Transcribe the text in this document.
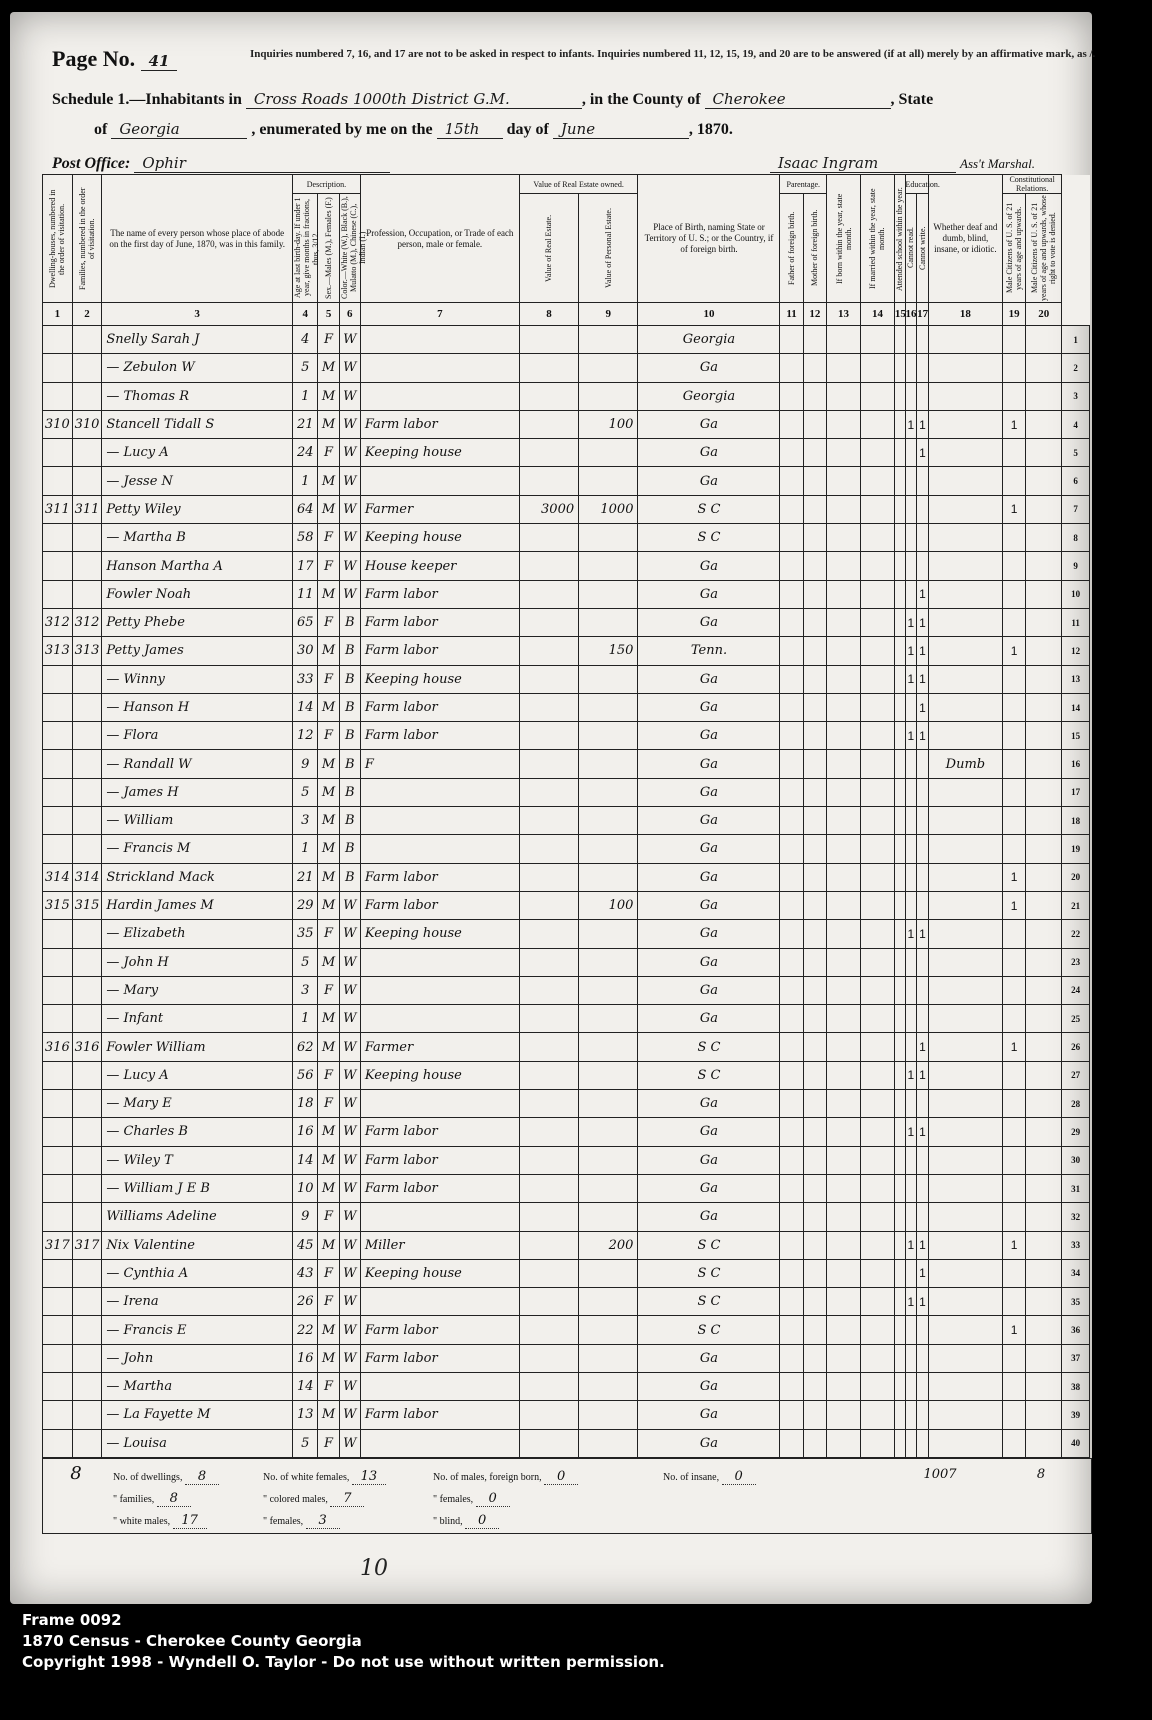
Page No. 41	Inquiries numbered 7, 16, and 17 are not to be asked in respect to infants. Inquiries numbered 11, 12, 15, 19, and 20 are to be answered (if at all) merely by an affirmative mark, as /.
Schedule 1.—Inhabitants in Cross Roads 1000th District G.M.	, in the County of Cherokee	, State
of Georgia	, enumerated by me on the 15th day of June	, 1870.
Post Office: Ophir	Isaac Ingram	Ass't Marshal.
Dwelling-houses, numbered in the order of visitation.	Families, numbered in the order of visitation.	The name of every person whose place of abode on the first day of June, 1870, was in this family.	Description.			Profession, Occupation, or Trade of each person, male or female.	Value of Real Estate owned.		Place of Birth, naming State or Territory of U. S.; or the Country, if of foreign birth.	Parentage.		If born within the year, state month.	If married within the year, state month.	Attended school within the year.	Education.		Whether deaf and dumb, blind, insane, or idiotic.	Constitutional Relations.		

			Age at last birth-day. If under 1 year, give months in fractions, thus, 3/12.	Sex.—Males (M.), Females (F.)	Color.—White (W.), Black (B.), Mulatto (M.), Chinese (C.), Indian (I.)		Value of Real Estate.	Value of Personal Estate.		Father of foreign birth.	Mother of foreign birth.				Cannot read.	Cannot write.		Male Citizens of U. S. of 21 years of age and upwards.	Male Citizens of U. S. of 21 years of age and upwards, whose right to vote is denied.	

1	2	3	4	5	6	7	8	9	10	11	12	13	14	15	16	17	18	19	20	
		Snelly Sarah J	4	F	W				Georgia											1
		— Zebulon W	5	M	W				Ga											2
		— Thomas R	1	M	W				Georgia											3
310	310	Stancell Tidall S	21	M	W	Farm labor		100	Ga						1	1		1		4
		— Lucy A	24	F	W	Keeping house			Ga							1				5
		— Jesse N	1	M	W				Ga											6
311	311	Petty Wiley	64	M	W	Farmer	3000	1000	S C									1		7
		— Martha B	58	F	W	Keeping house			S C											8
		Hanson Martha A	17	F	W	House keeper			Ga											9
		Fowler Noah	11	M	W	Farm labor			Ga							1				10
312	312	Petty Phebe	65	F	B	Farm labor			Ga						1	1				11
313	313	Petty James	30	M	B	Farm labor		150	Tenn.						1	1		1		12
		— Winny	33	F	B	Keeping house			Ga						1	1				13
		— Hanson H	14	M	B	Farm labor			Ga							1				14
		— Flora	12	F	B	Farm labor			Ga						1	1				15
		— Randall W	9	M	B	F			Ga								Dumb			16
		— James H	5	M	B				Ga											17
		— William	3	M	B				Ga											18
		— Francis M	1	M	B				Ga											19
314	314	Strickland Mack	21	M	B	Farm labor			Ga									1		20
315	315	Hardin James M	29	M	W	Farm labor		100	Ga									1		21
		— Elizabeth	35	F	W	Keeping house			Ga						1	1				22
		— John H	5	M	W				Ga											23
		— Mary	3	F	W				Ga											24
		— Infant	1	M	W				Ga											25
316	316	Fowler William	62	M	W	Farmer			S C							1		1		26
		— Lucy A	56	F	W	Keeping house			S C						1	1				27
		— Mary E	18	F	W				Ga											28
		— Charles B	16	M	W	Farm labor			Ga						1	1				29
		— Wiley T	14	M	W	Farm labor			Ga											30
		— William J E B	10	M	W	Farm labor			Ga											31
		Williams Adeline	9	F	W				Ga											32
317	317	Nix Valentine	45	M	W	Miller		200	S C						1	1		1		33
		— Cynthia A	43	F	W	Keeping house			S C							1				34
		— Irena	26	F	W				S C						1	1				35
		— Francis E	22	M	W	Farm labor			S C									1		36
		— John	16	M	W	Farm labor			Ga											37
		— Martha	14	F	W				Ga											38
		— La Fayette M	13	M	W	Farm labor			Ga											39
		— Louisa	5	F	W				Ga											40
8	No. of dwellings, 8
" families, 8
" white males, 17
No. of white females, 13
" colored males, 7
" females, 3
No. of males, foreign born, 0
" females, 0
" blind, 0
No. of insane, 0	1007	8
10
Frame 0092
1870 Census - Cherokee County Georgia
Copyright 1998 - Wyndell O. Taylor - Do not use without written permission.
